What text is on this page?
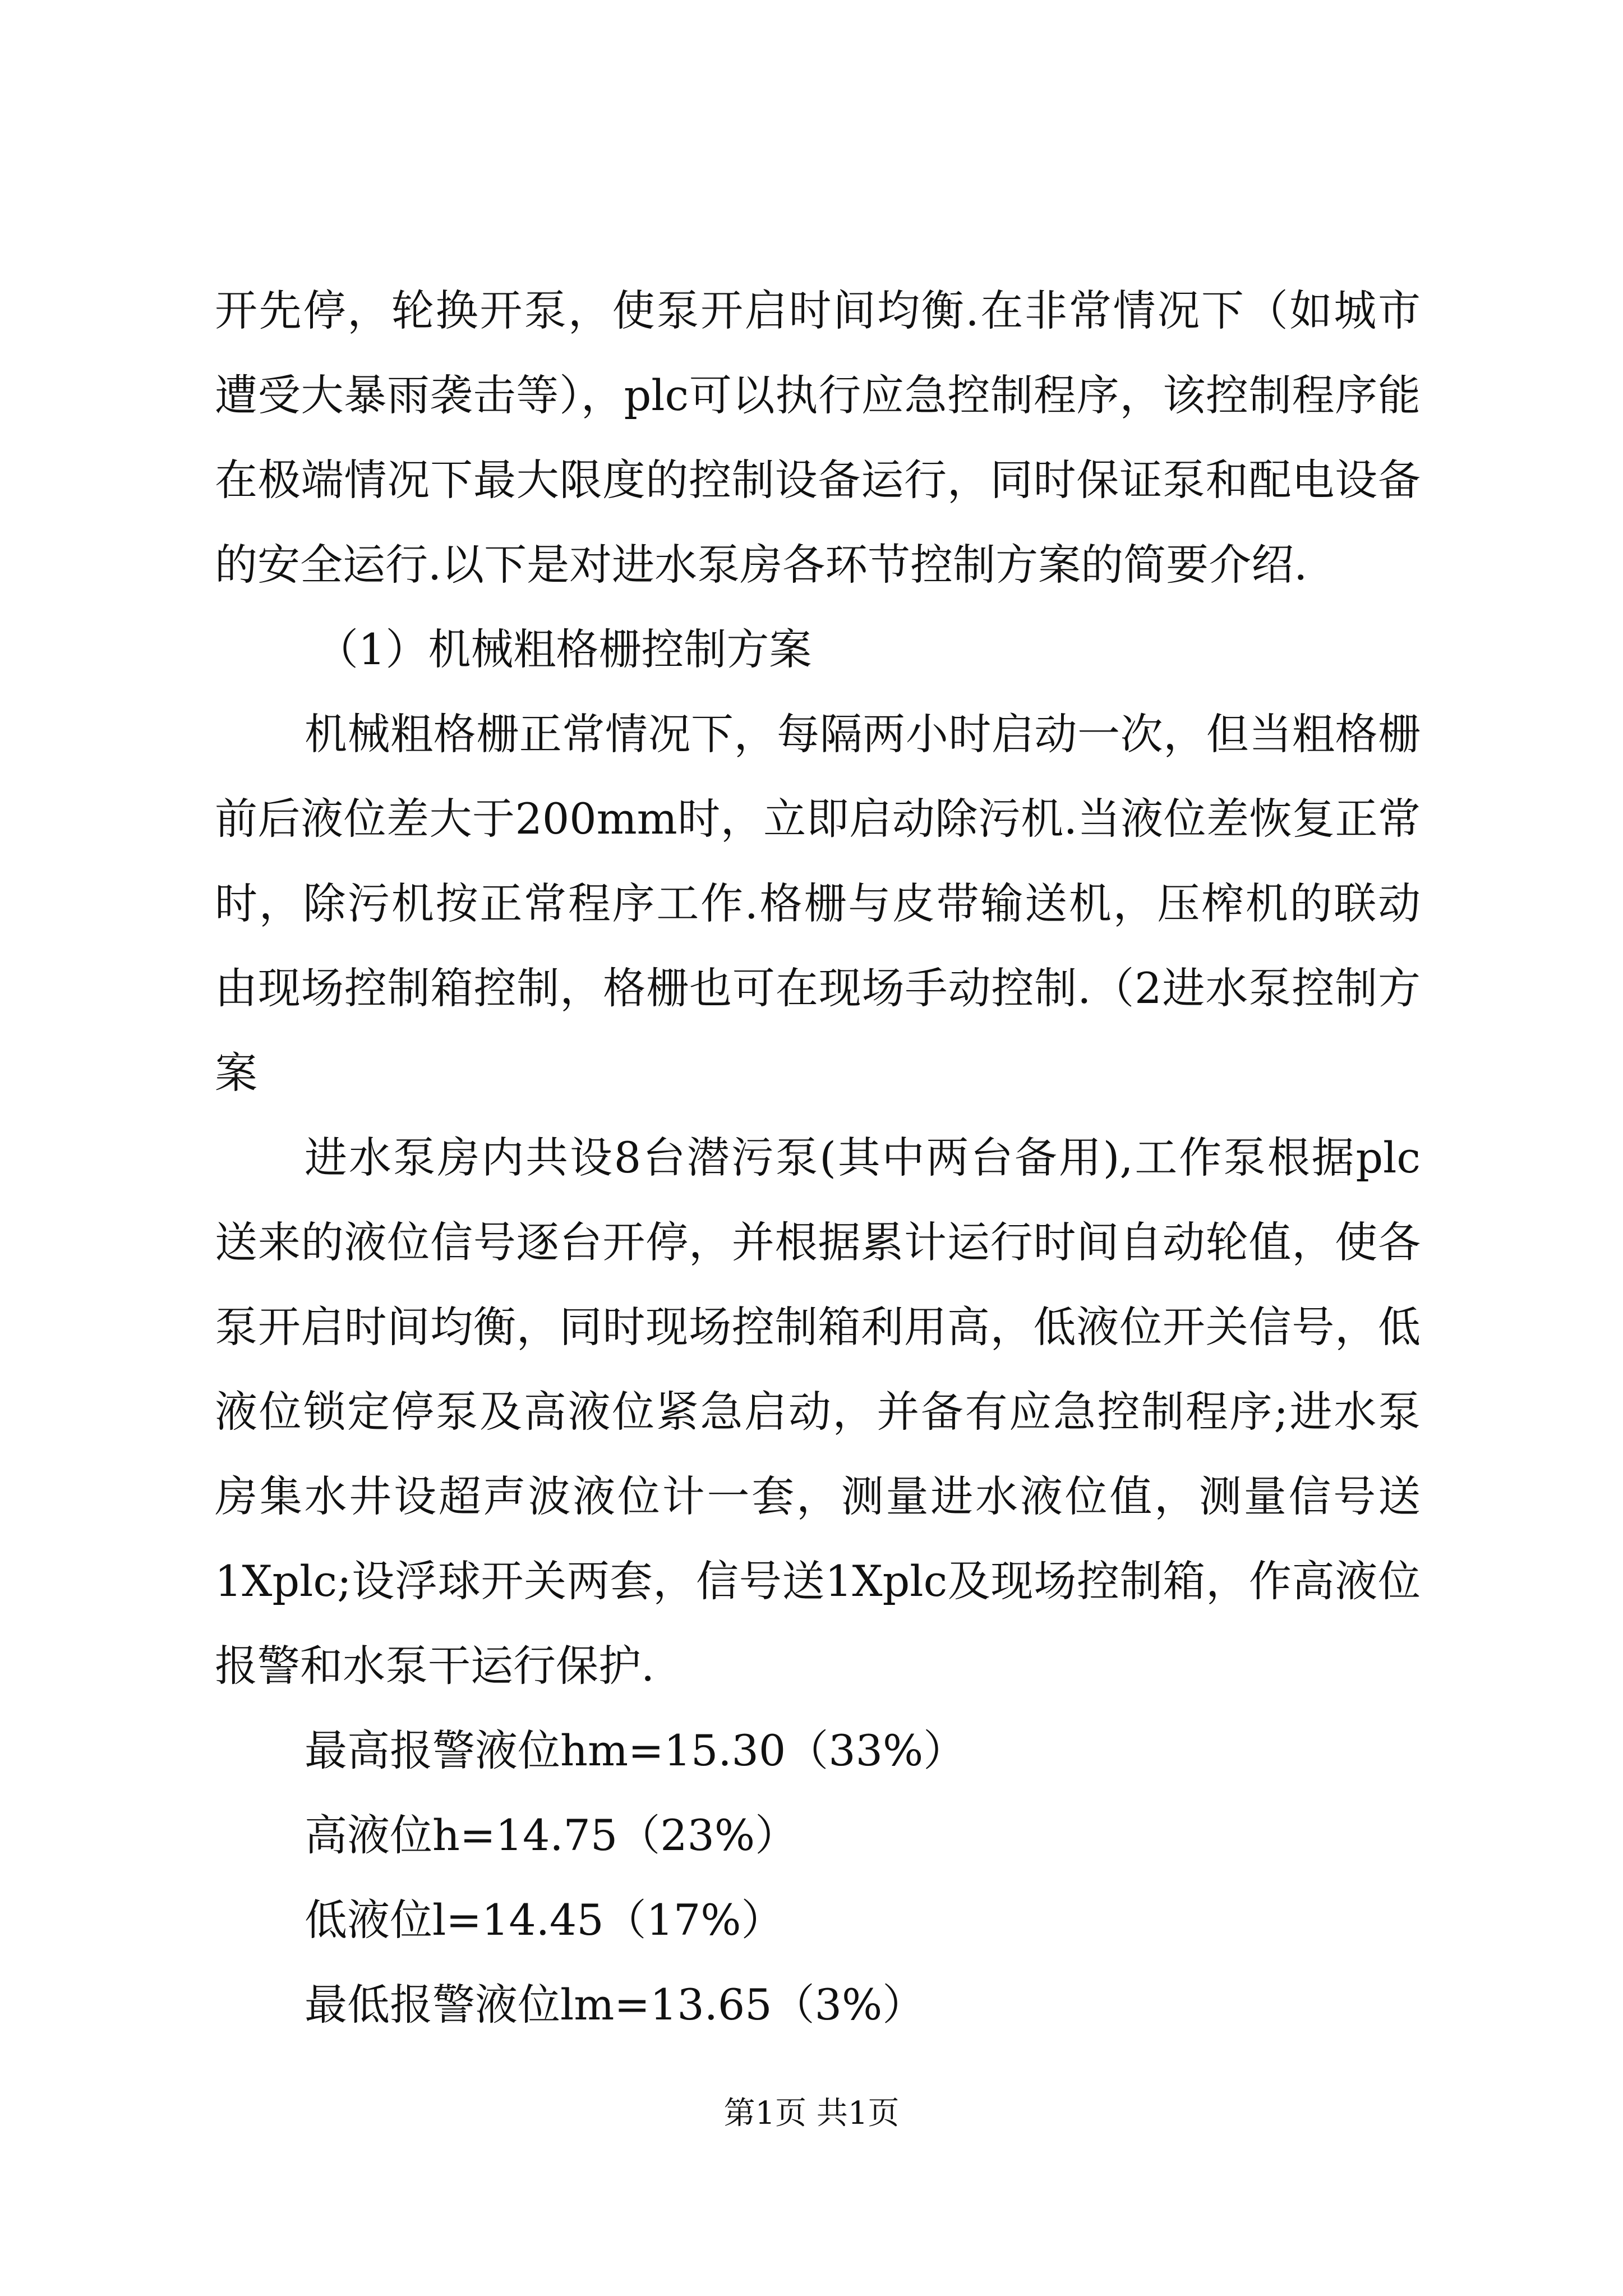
开先停，轮换开泵，使泵开启时间均衡.在非常情况下（如城市遭受大暴雨袭击等），plc可以执行应急控制程序，该控制程序能在极端情况下最大限度的控制设备运行，同时保证泵和配电设备的安全运行.以下是对进水泵房各环节控制方案的简要介绍.

（1）机械粗格栅控制方案

机械粗格栅正常情况下，每隔两小时启动一次，但当粗格栅前后液位差大于200mm时，立即启动除污机.当液位差恢复正常时，除污机按正常程序工作.格栅与皮带输送机，压榨机的联动由现场控制箱控制，格栅也可在现场手动控制.（2进水泵控制方案

进水泵房内共设8台潜污泵(其中两台备用),工作泵根据plc送来的液位信号逐台开停，并根据累计运行时间自动轮值，使各泵开启时间均衡，同时现场控制箱利用高，低液位开关信号，低液位锁定停泵及高液位紧急启动，并备有应急控制程序;进水泵房集水井设超声波液位计一套，测量进水液位值，测量信号送1Xplc;设浮球开关两套，信号送1Xplc及现场控制箱，作高液位报警和水泵干运行保护.

最高报警液位hm=15.30（33%）

高液位h=14.75（23%）

低液位l=14.45（17%）

最低报警液位lm=13.65（3%）

第1页 共1页
